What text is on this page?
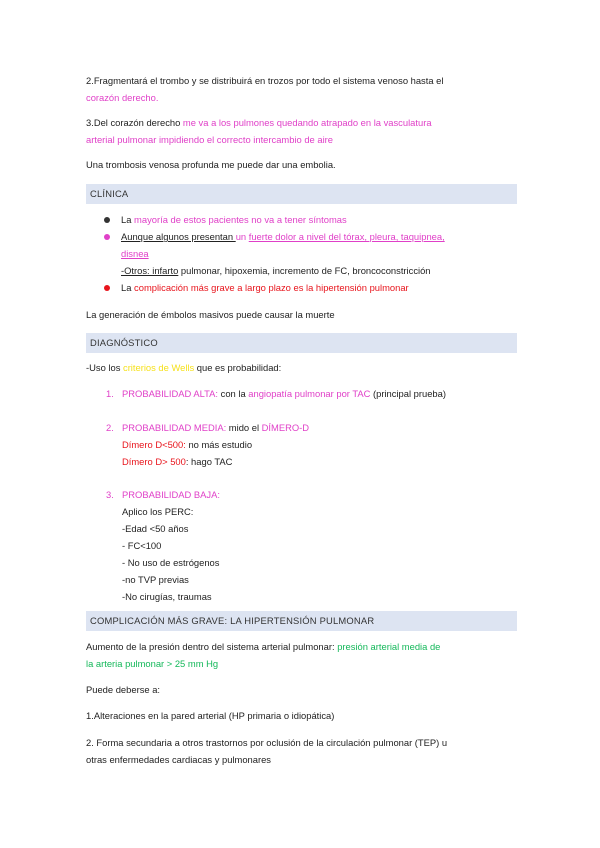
2.Fragmentará el trombo y se distribuirá en trozos por todo el sistema venoso hasta el
corazón derecho.

3.Del corazón derecho me va a los pulmones quedando atrapado en la vasculatura
arterial pulmonar impidiendo el correcto intercambio de aire

Una trombosis venosa profunda me puede dar una embolia.

CLÍNICA

La mayoría de estos pacientes no va a tener síntomas

Aunque algunos presentan un fuerte dolor a nivel del tórax, pleura, taquipnea,
disnea
-Otros: infarto pulmonar, hipoxemia, incremento de FC, broncoconstricción

La complicación más grave a largo plazo es la hipertensión pulmonar

La generación de émbolos masivos puede causar la muerte

DIAGNÓSTICO

-Uso los criterios de Wells que es probabilidad:

1. PROBABILIDAD ALTA: con la angiopatía pulmonar por TAC (principal prueba)

2. PROBABILIDAD MEDIA: mido el DÍMERO-D
Dímero D<500: no más estudio
Dímero D> 500: hago TAC

3. PROBABILIDAD BAJA:
Aplico los PERC:
-Edad <50 años
- FC<100
- No uso de estrógenos
-no TVP previas
-No cirugías, traumas

COMPLICACIÓN MÁS GRAVE: LA HIPERTENSIÓN PULMONAR

Aumento de la presión dentro del sistema arterial pulmonar: presión arterial media de
la arteria pulmonar > 25 mm Hg

Puede deberse a:

1.Alteraciones en la pared arterial (HP primaria o idiopática)

2. Forma secundaria a otros trastornos por oclusión de la circulación pulmonar (TEP) u
otras enfermedades cardiacas y pulmonares
